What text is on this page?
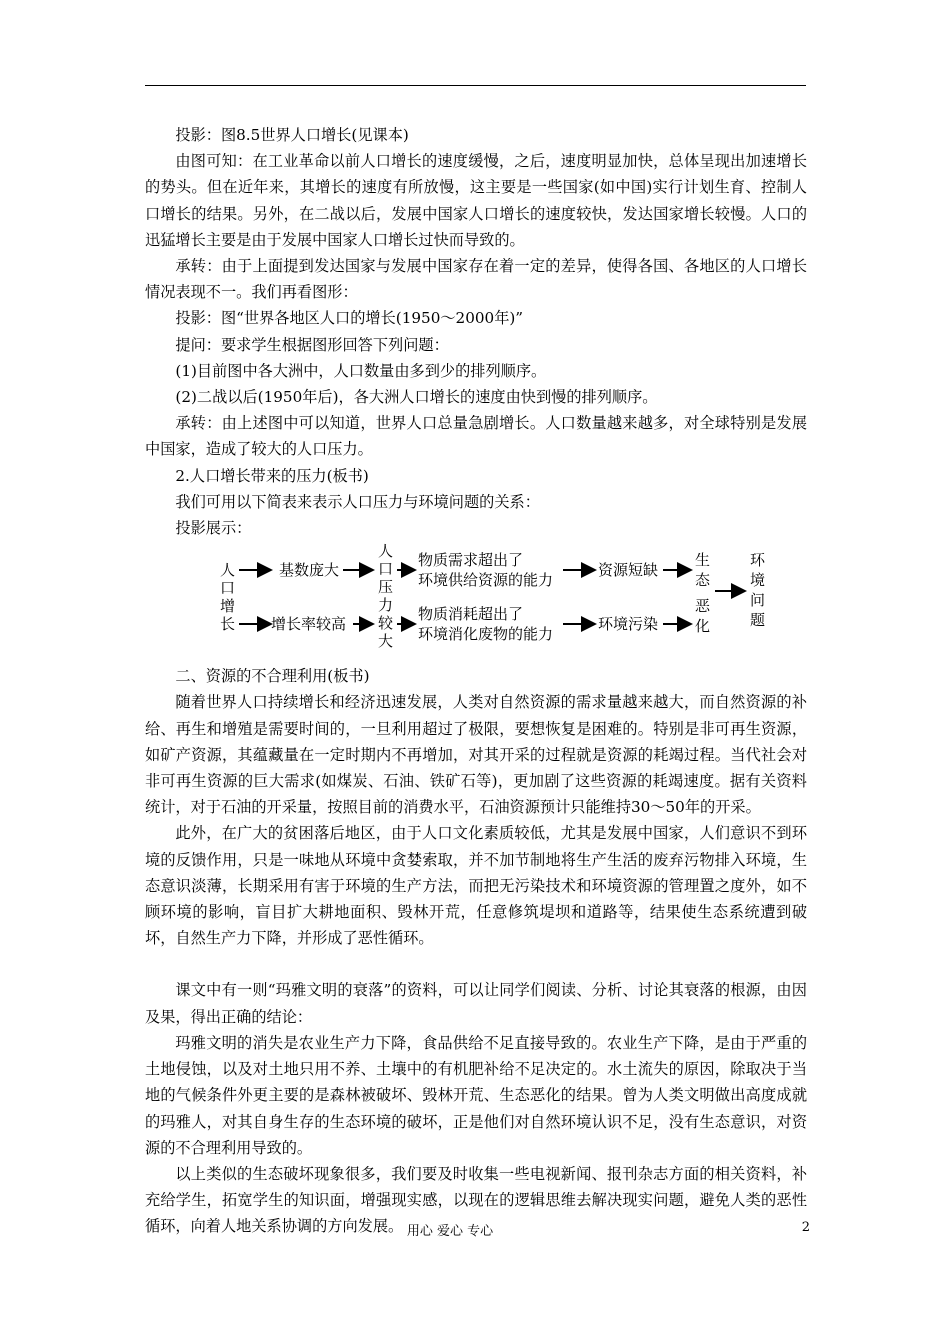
投影：图8.5世界人口增长(见课本)

由图可知：在工业革命以前人口增长的速度缓慢，之后，速度明显加快，总体呈现出加速增长的势头。但在近年来，其增长的速度有所放慢，这主要是一些国家(如中国)实行计划生育、控制人口增长的结果。另外，在二战以后，发展中国家人口增长的速度较快，发达国家增长较慢。人口的迅猛增长主要是由于发展中国家人口增长过快而导致的。

承转：由于上面提到发达国家与发展中国家存在着一定的差异，使得各国、各地区的人口增长情况表现不一。我们再看图形：

投影：图“世界各地区人口的增长(1950～2000年)”

提问：要求学生根据图形回答下列问题：

(1)目前图中各大洲中，人口数量由多到少的排列顺序。

(2)二战以后(1950年后)，各大洲人口增长的速度由快到慢的排列顺序。

承转：由上述图中可以知道，世界人口总量急剧增长。人口数量越来越多，对全球特别是发展中国家，造成了较大的人口压力。

2.人口增长带来的压力(板书)

我们可用以下简表来表示人口压力与环境问题的关系：

投影展示：

人
口
增
长
基数庞大
增长率较高
人
口
压
力
较
大
物质需求超出了
环境供给资源的能力
物质消耗超出了
环境消化废物的能力
资源短缺
环境污染
生
态
恶
化
环
境
问
题

二、资源的不合理利用(板书)

随着世界人口持续增长和经济迅速发展，人类对自然资源的需求量越来越大，而自然资源的补给、再生和增殖是需要时间的，一旦利用超过了极限，要想恢复是困难的。特别是非可再生资源，如矿产资源，其蕴藏量在一定时期内不再增加，对其开采的过程就是资源的耗竭过程。当代社会对非可再生资源的巨大需求(如煤炭、石油、铁矿石等)，更加剧了这些资源的耗竭速度。据有关资料统计，对于石油的开采量，按照目前的消费水平，石油资源预计只能维持30～50年的开采。

此外，在广大的贫困落后地区，由于人口文化素质较低，尤其是发展中国家，人们意识不到环境的反馈作用，只是一味地从环境中贪婪索取，并不加节制地将生产生活的废弃污物排入环境，生态意识淡薄，长期采用有害于环境的生产方法，而把无污染技术和环境资源的管理置之度外，如不顾环境的影响，盲目扩大耕地面积、毁林开荒，任意修筑堤坝和道路等，结果使生态系统遭到破坏，自然生产力下降，并形成了恶性循环。

课文中有一则“玛雅文明的衰落”的资料，可以让同学们阅读、分析、讨论其衰落的根源，由因及果，得出正确的结论：

玛雅文明的消失是农业生产力下降，食品供给不足直接导致的。农业生产下降，是由于严重的土地侵蚀，以及对土地只用不养、土壤中的有机肥补给不足决定的。水土流失的原因，除取决于当地的气候条件外更主要的是森林被破坏、毁林开荒、生态恶化的结果。曾为人类文明做出高度成就的玛雅人，对其自身生存的生态环境的破坏，正是他们对自然环境认识不足，没有生态意识，对资源的不合理利用导致的。

以上类似的生态破坏现象很多，我们要及时收集一些电视新闻、报刊杂志方面的相关资料，补充给学生，拓宽学生的知识面，增强现实感，以现在的逻辑思维去解决现实问题，避免人类的恶性循环，向着人地关系协调的方向发展。 用心 爱心 专心	2
